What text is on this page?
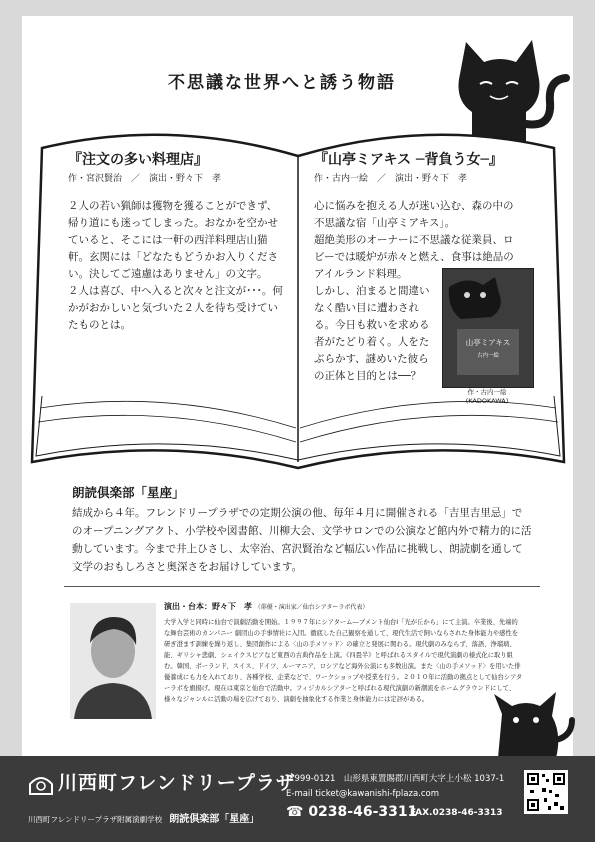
不思議な世界へと誘う物語
『注文の多い料理店』
作・宮沢賢治　／　演出・野々下　孝

２人の若い猟師は獲物を獲ることができず、帰り道にも迷ってしまった。おなかを空かせていると、そこには一軒の西洋料理店山猫軒。玄関には「どなたもどうかお入りください。決してご遠慮はありません」の文字。

２人は喜び、中へ入ると次々と注文が･･･。何かがおかしいと気づいた２人を待ち受けていたものとは。

『山亭ミアキス ─背負う女─』
作・古内一絵　／　演出・野々下　孝

心に悩みを抱える人が迷い込む、森の中の不思議な宿「山亭ミアキス」。

超絶美形のオーナーに不思議な従業員、ロビーでは暖炉が赤々と燃え、食事は絶品のアイルランド料理。

しかし、泊まると間違いなく酷い目に遭わされる。今日も救いを求める者がたどり着く。人をたぶらかす、謎めいた彼らの正体と目的とは──？

山亭ミアキス
古内一絵
作・古内一絵
(KADOKAWA)
朗読倶楽部「星座」

結成から４年。フレンドリープラザでの定期公演の他、毎年４月に開催される「吉里吉里忌」でのオープニングアクト、小学校や図書館、川柳大会、文学サロンでの公演など館内外で精力的に活動しています。今まで井上ひさし、太宰治、宮沢賢治など幅広い作品に挑戦し、朗読劇を通して文学のおもしろさと奥深さをお届けしています。

演出・台本：野々下　孝 （俳優・演出家／仙台シアターラボ代表）

大学入学と同時に仙台で演劇活動を開始。１９９７年にシアターム―ブメント仙台Ⅰ「光が丘から」にて主演。卒業後、先端的な舞台芸術のカンパニー 劇団山の手事情社に入団。徹底した自己観察を通して、現代生活で飼いならされた身体能力や感性を研ぎ澄ます訓練を繰り返し、集団創作による〈山の手メソッド〉の確立と発展に関わる。現代劇のみならず、落語、浄瑠璃、能、ギリシャ悲劇、シェイクスピアなど東西の古典作品を上演。《四畳半》と呼ばれるスタイルで現代演劇の様式化に取り組む。韓国、ポーランド、スイス、ドイツ、ルーマニア、ロシアなど海外公演にも多数出演。また〈山の手メソッド〉を用いた俳優養成にも力を入れており、各種学校、企業などで、ワークショップや授業を行う。２０１０年に活動の拠点として仙台シアターラボを旗揚げ。現在は東京と仙台で活動中。フィジカルシアターと呼ばれる現代演劇の新潮流をホームグラウンドにして、様々なジャンルに活動の場を広げており、演劇を抽象化する作業と身体能力には定評がある。

川西町フレンドリープラザ
川西町フレンドリープラザ附属演劇学校 朗読倶楽部「星座」
〒999-0121　山形県東置賜郡川西町大字上小松 1037-1
E-mail ticket@kawanishi-fplaza.com
☎ 0238-46-3311
FAX.0238-46-3313
